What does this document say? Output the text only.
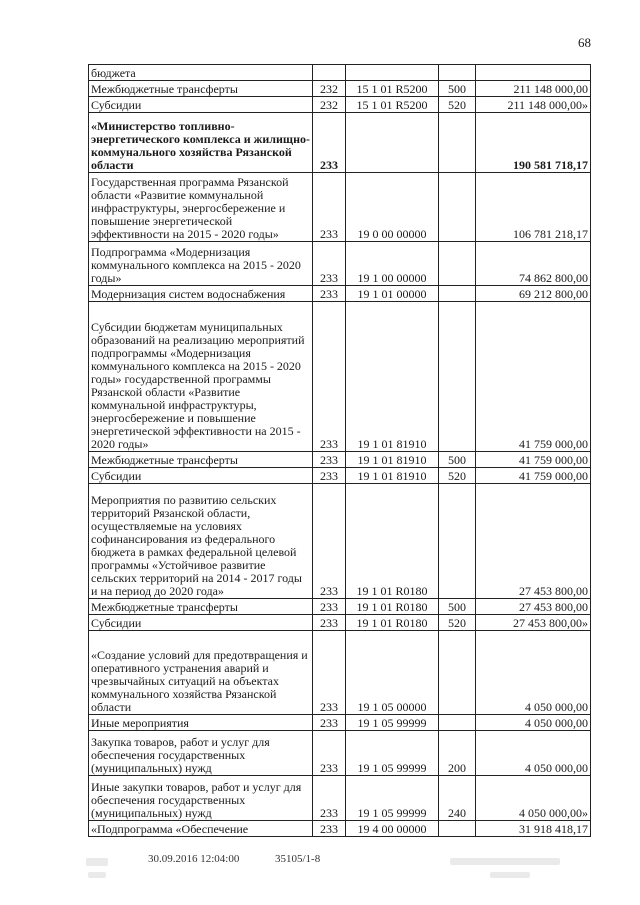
68
бюджета				
Межбюджетные трансферты	232	15 1 01 R5200	500	211 148 000,00
Субсидии	232	15 1 01 R5200	520	211 148 000,00»
«Министерство топливно-энергетического комплекса и жилищно-коммунального хозяйства Рязанской области	233			190 581 718,17
Государственная программа Рязанской области «Развитие коммунальной инфраструктуры, энергосбережение и повышение энергетической эффективности на 2015 - 2020 годы»	233	19 0 00 00000		106 781 218,17
Подпрограмма «Модернизация коммунального комплекса на 2015 - 2020 годы»	233	19 1 00 00000		74 862 800,00
Модернизация систем водоснабжения	233	19 1 01 00000		69 212 800,00
Субсидии бюджетам муниципальных образований на реализацию мероприятий подпрограммы «Модернизация коммунального комплекса на 2015 - 2020 годы» государственной программы Рязанской области «Развитие коммунальной инфраструктуры, энергосбережение и повышение энергетической эффективности на 2015 - 2020 годы»	233	19 1 01 81910		41 759 000,00
Межбюджетные трансферты	233	19 1 01 81910	500	41 759 000,00
Субсидии	233	19 1 01 81910	520	41 759 000,00
Мероприятия по развитию сельских территорий Рязанской области, осуществляемые на условиях софинансирования из федерального бюджета в рамках федеральной целевой программы «Устойчивое развитие сельских территорий на 2014 - 2017 годы и на период до 2020 года»	233	19 1 01 R0180		27 453 800,00
Межбюджетные трансферты	233	19 1 01 R0180	500	27 453 800,00
Субсидии	233	19 1 01 R0180	520	27 453 800,00»
«Создание условий для предотвращения и оперативного устранения аварий и чрезвычайных ситуаций на объектах коммунального хозяйства Рязанской области	233	19 1 05 00000		4 050 000,00
Иные мероприятия	233	19 1 05 99999		4 050 000,00
Закупка товаров, работ и услуг для обеспечения государственных (муниципальных) нужд	233	19 1 05 99999	200	4 050 000,00
Иные закупки товаров, работ и услуг для обеспечения государственных (муниципальных) нужд	233	19 1 05 99999	240	4 050 000,00»
«Подпрограмма «Обеспечение	233	19 4 00 00000		31 918 418,17
30.09.2016 12:04:00	35105/1-8
